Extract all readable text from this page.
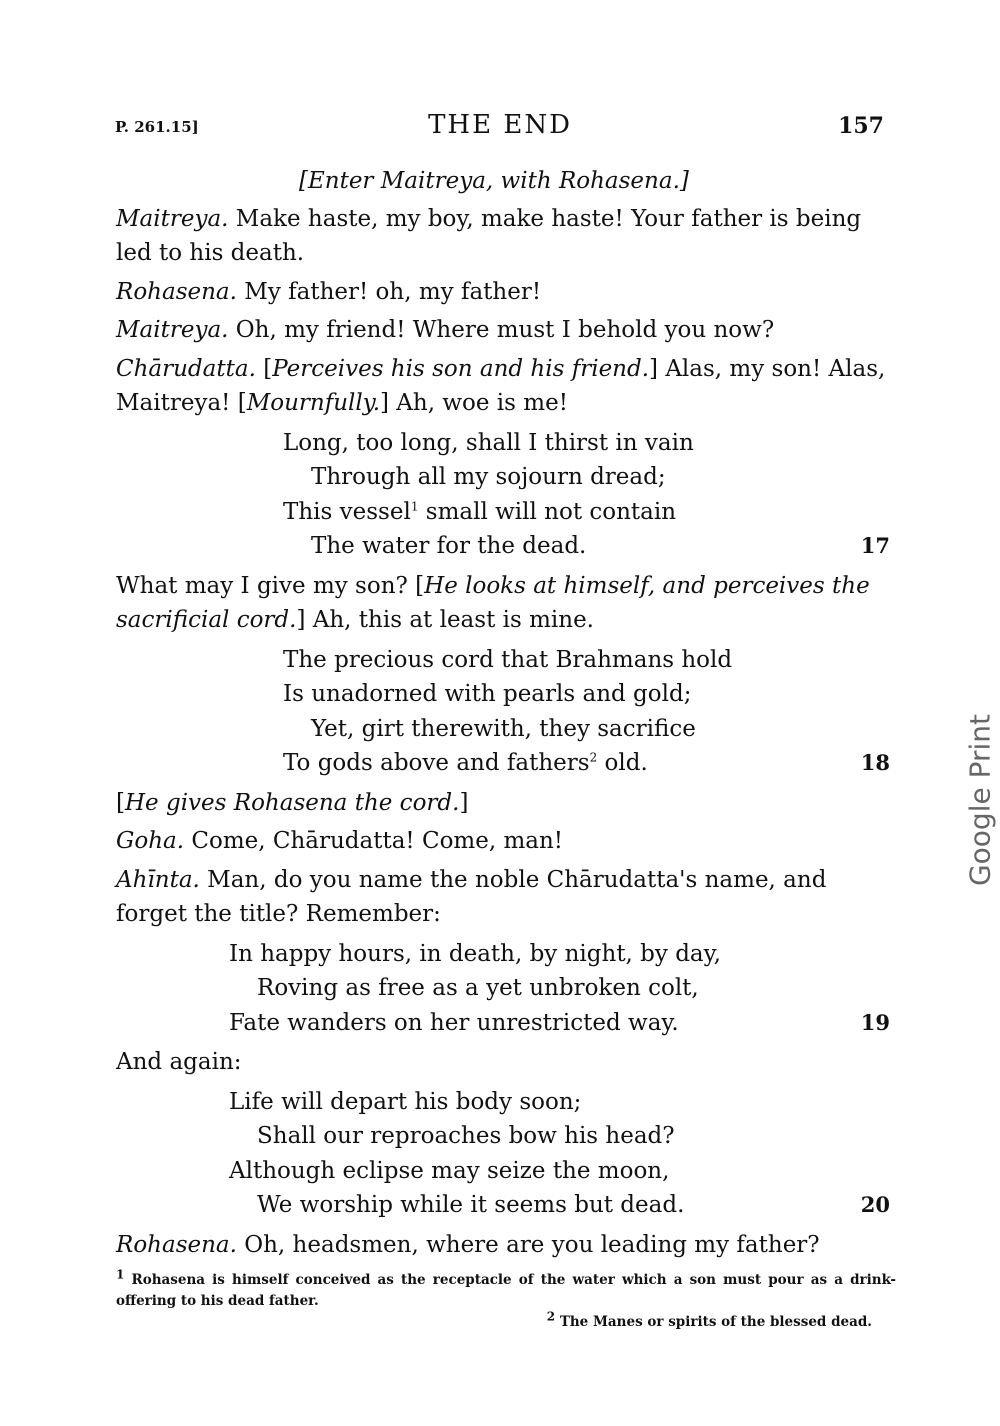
P. 261.15]	THE END	157

[Enter Maitreya, with Rohasena.]

Maitreya. Make haste, my boy, make haste! Your father is being led to his death.

Rohasena. My father! oh, my father!

Maitreya. Oh, my friend! Where must I behold you now?

Chārudatta. [Perceives his son and his friend.] Alas, my son! Alas, Maitreya! [Mournfully.] Ah, woe is me!

Long, too long, shall I thirst in vain
Through all my sojourn dread;
This vessel$^1$ small will not contain
The water for the dead.	17

What may I give my son? [He looks at himself, and perceives the sacrificial cord.] Ah, this at least is mine.

The precious cord that Brahmans hold
Is unadorned with pearls and gold;
Yet, girt therewith, they sacrifice
To gods above and fathers$^2$ old.	18

[He gives Rohasena the cord.]

Goha. Come, Chārudatta! Come, man!

Ahīnta. Man, do you name the noble Chārudatta's name, and forget the title? Remember:

In happy hours, in death, by night, by day,
Roving as free as a yet unbroken colt,
Fate wanders on her unrestricted way.	19

And again:

Life will depart his body soon;
Shall our reproaches bow his head?
Although eclipse may seize the moon,
We worship while it seems but dead.	20

Rohasena. Oh, headsmen, where are you leading my father?

$^1$ Rohasena is himself conceived as the receptacle of the water which a son must pour as a drink-offering to his dead father.

$^2$ The Manes or spirits of the blessed dead.
Google Print
